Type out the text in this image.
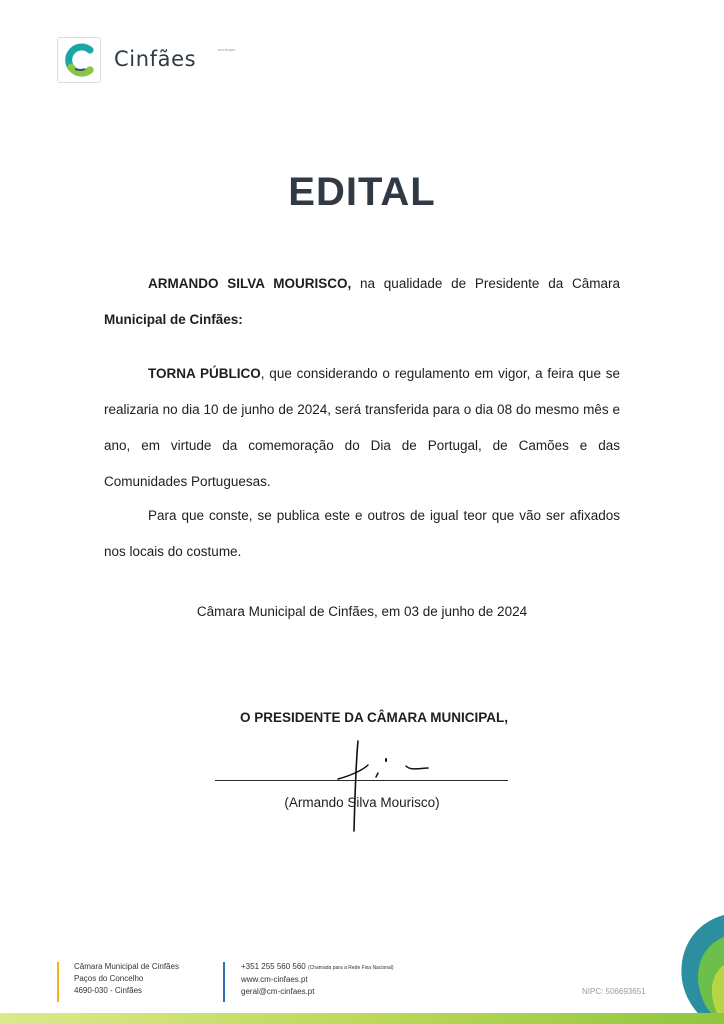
Cinfães	município
EDITAL

ARMANDO SILVA MOURISCO, na qualidade de Presidente da Câmara Municipal de Cinfães:

TORNA PÚBLICO, que considerando o regulamento em vigor, a feira que se realizaria no dia 10 de junho de 2024, será transferida para o dia 08 do mesmo mês e ano, em virtude da comemoração do Dia de Portugal, de Camões e das Comunidades Portuguesas.

Para que conste, se publica este e outros de igual teor que vão ser afixados nos locais do costume.

Câmara Municipal de Cinfães, em 03 de junho de 2024
O PRESIDENTE DA CÂMARA MUNICIPAL,
(Armando Silva Mourisco)
Câmara Municipal de Cinfães
Paços do Concelho
4690-030 - Cinfães
+351 255 560 560 (Chamada para a Rede Fixa Nacional)
www.cm-cinfaes.pt
geral@cm-cinfaes.pt	NIPC: 506693651
